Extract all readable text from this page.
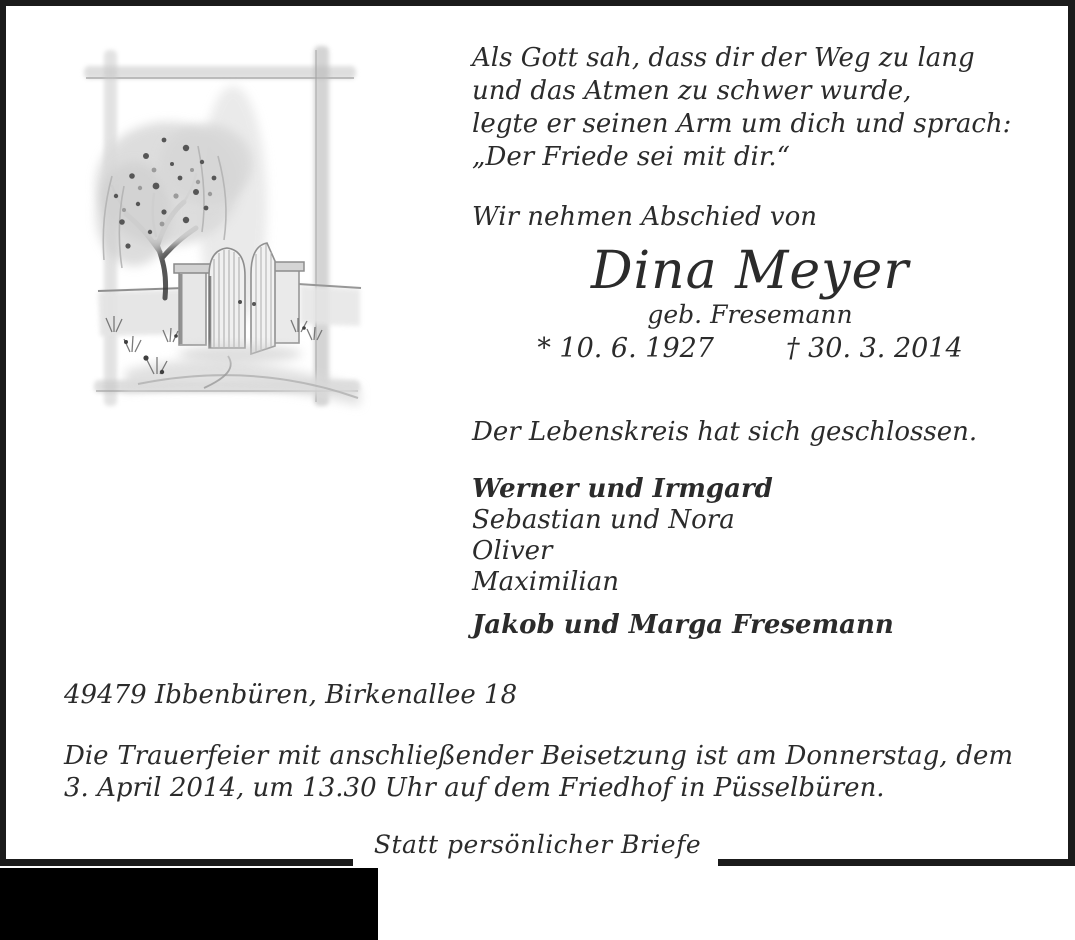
Als Gott sah, dass dir der Weg zu lang
und das Atmen zu schwer wurde,
legte er seinen Arm um dich und sprach:
„Der Friede sei mit dir.“
Wir nehmen Abschied von
Dina Meyer
geb. Fresemann
* 10. 6. 1927	† 30. 3. 2014
Der Lebenskreis hat sich geschlossen.
Werner und Irmgard
Sebastian und Nora
Oliver
Maximilian
Jakob und Marga Fresemann
49479 Ibbenbüren, Birkenallee 18
Die Trauerfeier mit anschließender Beisetzung ist am Donnerstag, dem
3. April 2014, um 13.30 Uhr auf dem Friedhof in Püsselbüren.
Statt persönlicher Briefe
